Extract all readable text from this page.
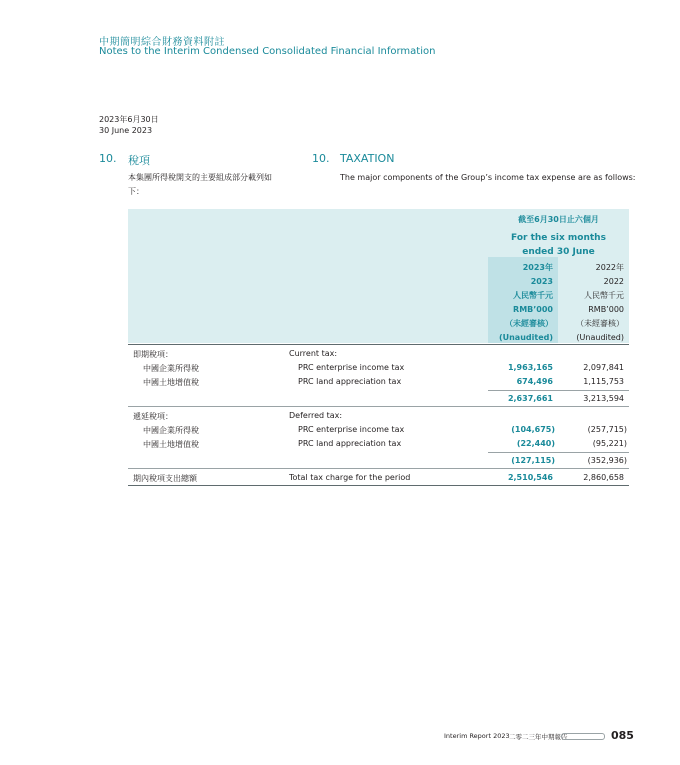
中期簡明綜合財務資料附註
Notes to the Interim Condensed Consolidated Financial Information
2023年6月30日
30 June 2023
10. 稅項	10. TAXATION
本集團所得稅開支的主要組成部分載列如
下：
The major components of the Group’s income tax expense are as follows:
截至6月30日止六個月
For the six months
ended 30 June
2023年
2023
人民幣千元
RMB’000
（未經審核）
(Unaudited)
2022年
2022
人民幣千元
RMB’000
（未經審核）
(Unaudited)
即期稅項：	Current tax:
中國企業所得稅	PRC enterprise income tax	1,963,165	2,097,841
中國土地增值稅	PRC land appreciation tax	674,496	1,115,753
2,637,661	3,213,594
遞延稅項：	Deferred tax:
中國企業所得稅	PRC enterprise income tax	(104,675)	(257,715)
中國土地增值稅	PRC land appreciation tax	(22,440)	(95,221)
(127,115)	(352,936)
期內稅項支出總額	Total tax charge for the period	2,510,546	2,860,658
Interim Report 2023 二零二三年中期報告	085
